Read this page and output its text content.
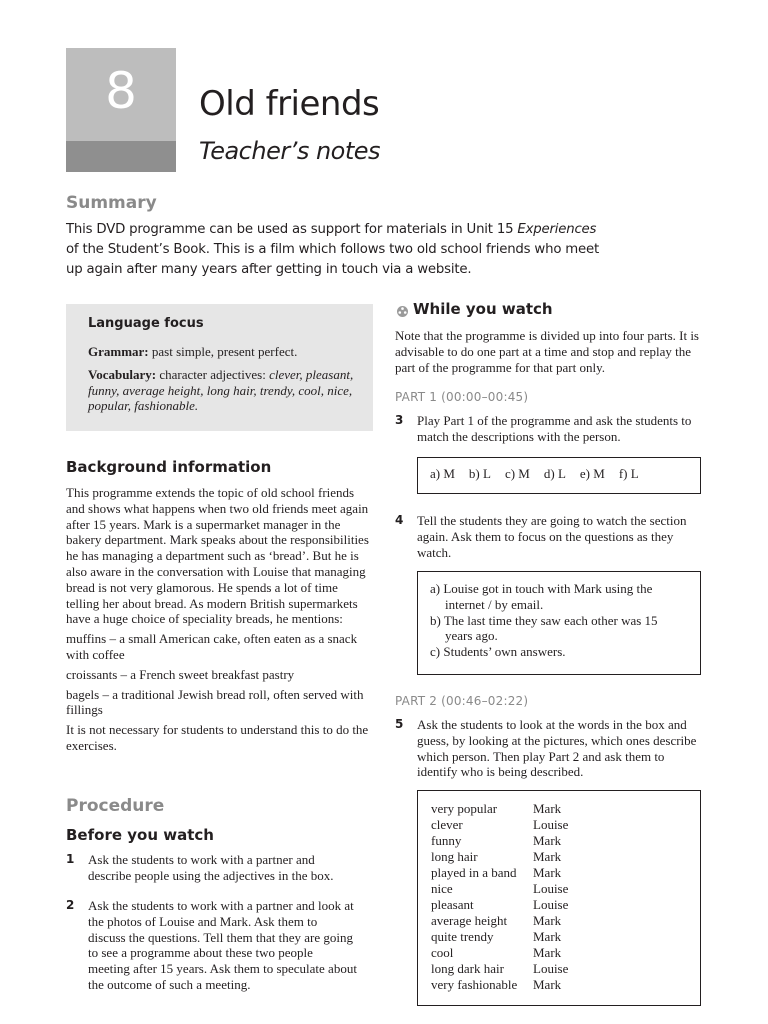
8	Old friends
Teacher’s notes
Summary
This DVD programme can be used as support for materials in Unit 15 Experiences of the Student’s Book. This is a film which follows two old school friends who meet up again after many years after getting in touch via a website.
Language focus
Grammar: past simple, present perfect.
Vocabulary: character adjectives: clever, pleasant, funny, average height, long hair, trendy, cool, nice, popular, fashionable.
Background information
This programme extends the topic of old school friends and shows what happens when two old friends meet again after 15 years. Mark is a supermarket manager in the bakery department. Mark speaks about the responsibilities he has managing a department such as ‘bread’. But he is also aware in the conversation with Louise that managing bread is not very glamorous. He spends a lot of time telling her about bread. As modern British supermarkets have a huge choice of speciality breads, he mentions:
muffins – a small American cake, often eaten as a snack with coffee
croissants – a French sweet breakfast pastry
bagels – a traditional Jewish bread roll, often served with fillings
It is not necessary for students to understand this to do the exercises.
Procedure
Before you watch
1 Ask the students to work with a partner and describe people using the adjectives in the box.
2 Ask the students to work with a partner and look at the photos of Louise and Mark. Ask them to discuss the questions. Tell them that they are going to see a programme about these two people meeting after 15 years. Ask them to speculate about the outcome of such a meeting.
While you watch
Note that the programme is divided up into four parts. It is advisable to do one part at a time and stop and replay the part of the programme for that part only.
PART 1 (00:00–00:45)
3 Play Part 1 of the programme and ask the students to match the descriptions with the person.
a) M b) L c) M d) L e) M f) L
4 Tell the students they are going to watch the section again. Ask them to focus on the questions as they watch.
a) Louise got in touch with Mark using the internet / by email.
b) The last time they saw each other was 15 years ago.
c) Students’ own answers.
PART 2 (00:46–02:22)
5 Ask the students to look at the words in the box and guess, by looking at the pictures, which ones describe which person. Then play Part 2 and ask them to identify who is being described.
very popular	Mark
clever	Louise
funny	Mark
long hair	Mark
played in a band	Mark
nice	Louise
pleasant	Louise
average height	Mark
quite trendy	Mark
cool	Mark
long dark hair	Louise
very fashionable	Mark
